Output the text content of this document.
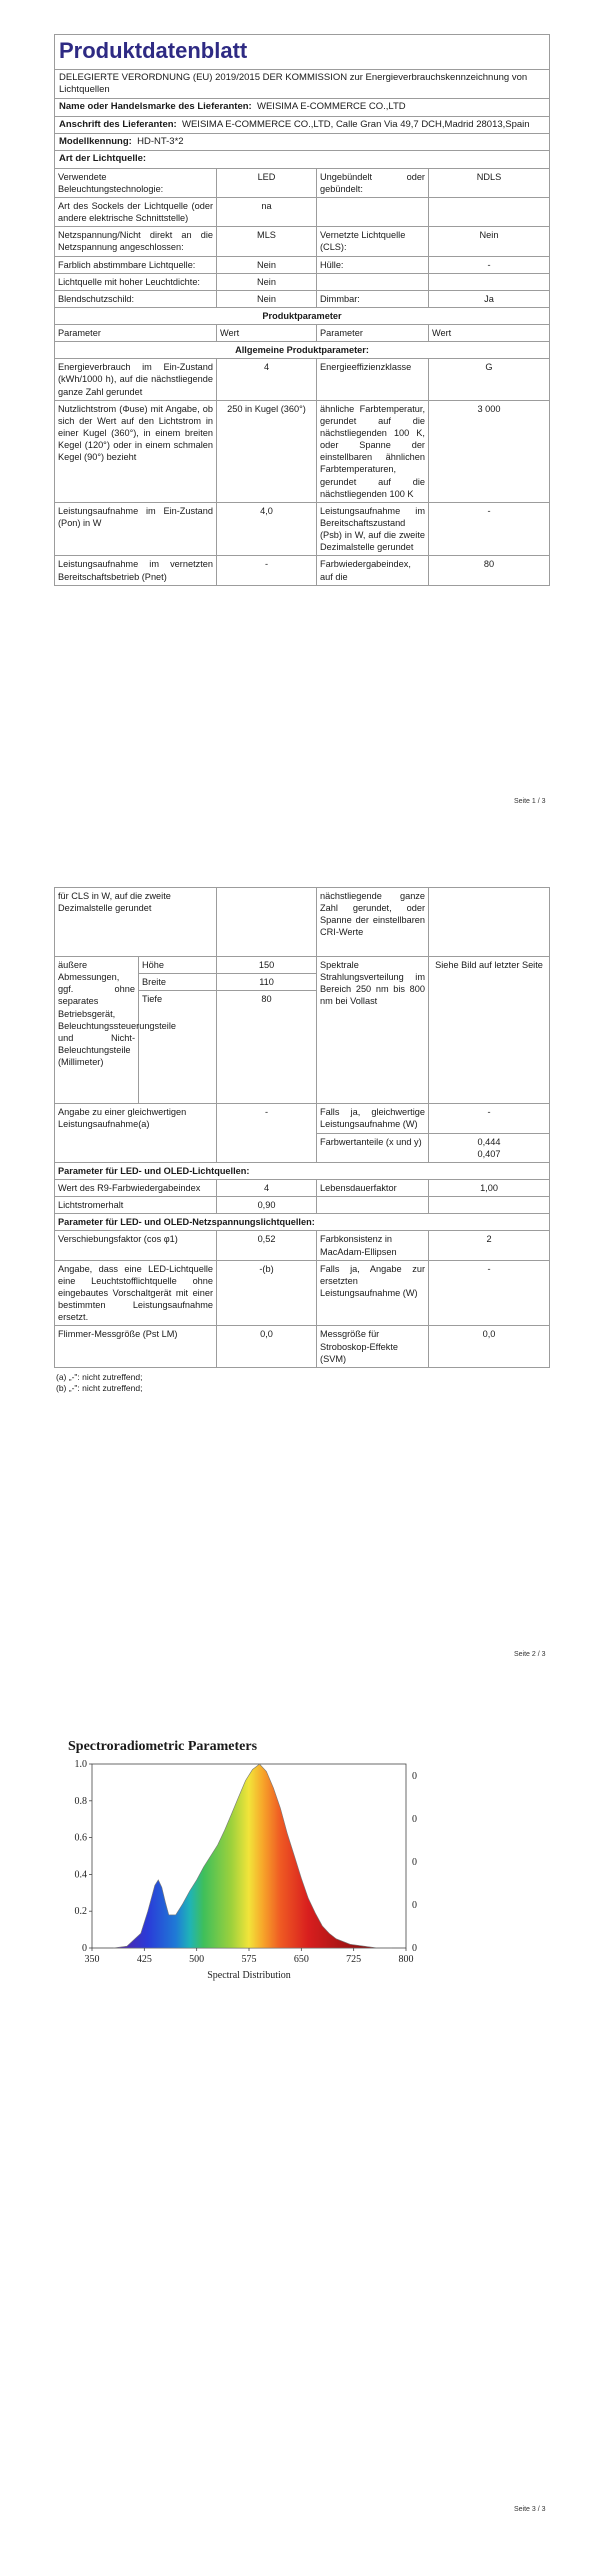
Produktdatenblatt
DELEGIERTE VERORDNUNG (EU) 2019/2015 DER KOMMISSION zur Energieverbrauchskennzeichnung von Lichtquellen
Name oder Handelsmarke des Lieferanten: WEISIMA E-COMMERCE CO.,LTD
Anschrift des Lieferanten: WEISIMA E-COMMERCE CO.,LTD, Calle Gran Via 49,7 DCH,Madrid 28013,Spain
Modellkennung: HD-NT-3*2
Art der Lichtquelle:
Verwendete Beleuchtungstechnologie:	LED	Ungebündelt oder gebündelt:	NDLS
Art des Sockels der Lichtquelle (oder andere elektrische Schnittstelle)	na		
Netzspannung/Nicht direkt an die Netzspannung angeschlossen:	MLS	Vernetzte Lichtquelle (CLS):	Nein
Farblich abstimmbare Lichtquelle:	Nein	Hülle:	-
Lichtquelle mit hoher Leuchtdichte:	Nein		
Blendschutzschild:	Nein	Dimmbar:	Ja
Produktparameter			
Parameter	Wert	Parameter	Wert
Allgemeine Produktparameter:			
Energieverbrauch im Ein-Zustand (kWh/1000 h), auf die nächstliegende ganze Zahl gerundet	4	Energieeffizienzklasse	G
Nutzlichtstrom (Φuse) mit Angabe, ob sich der Wert auf den Lichtstrom in einer Kugel (360°), in einem breiten Kegel (120°) oder in einem schmalen Kegel (90°) bezieht	250 in Kugel (360°)	ähnliche Farbtemperatur, gerundet auf die nächstliegenden 100 K, oder Spanne der einstellbaren ähnlichen Farbtemperaturen, gerundet auf die nächstliegenden 100 K	3 000
Leistungsaufnahme im Ein-Zustand (Pon) in W	4,0	Leistungsaufnahme im Bereitschaftszustand (Psb) in W, auf die zweite Dezimalstelle gerundet	-
Leistungsaufnahme im vernetzten Bereitschaftsbetrieb (Pnet)	-	Farbwiedergabeindex, auf die	80
Seite 1 / 3
für CLS in W, auf die zweite Dezimalstelle gerundet			nächstliegende ganze Zahl gerundet, oder Spanne der einstellbaren CRI-Werte	
äußere Abmessungen, ggf. ohne separates Betriebsgerät, Beleuchtungssteuerungsteile und Nicht-Beleuchtungsteile (Millimeter)	Höhe	150	Spektrale Strahlungsverteilung im Bereich 250 nm bis 800 nm bei Vollast	Siehe Bild auf letzter Seite
	Breite	110		
	Tiefe	80		
Angabe zu einer gleichwertigen Leistungsaufnahme(a)		-	Falls ja, gleichwertige Leistungsaufnahme (W)	-
			Farbwertanteile (x und y)	0,444
0,407
Parameter für LED- und OLED-Lichtquellen:				
Wert des R9-Farbwiedergabeindex		4	Lebensdauerfaktor	1,00
Lichtstromerhalt		0,90		
Parameter für LED- und OLED-Netzspannungslichtquellen:				
Verschiebungsfaktor (cos φ1)		0,52	Farbkonsistenz in MacAdam-Ellipsen	2
Angabe, dass eine LED-Lichtquelle eine Leuchtstofflichtquelle ohne eingebautes Vorschaltgerät mit einer bestimmten Leistungsaufnahme ersetzt.		-(b)	Falls ja, Angabe zur ersetzten Leistungsaufnahme (W)	-
Flimmer-Messgröße (Pst LM)		0,0	Messgröße für Stroboskop-Effekte (SVM)	0,0
(a) „-": nicht zutreffend;
(b) „-": nicht zutreffend;
Seite 2 / 3
Spectroradiometric Parameters
350	425	500	575	650	725	800
0
0.2
0.4
0.6
0.8
1.0
0
0
0
0
0
Spectral Distribution
Seite 3 / 3
